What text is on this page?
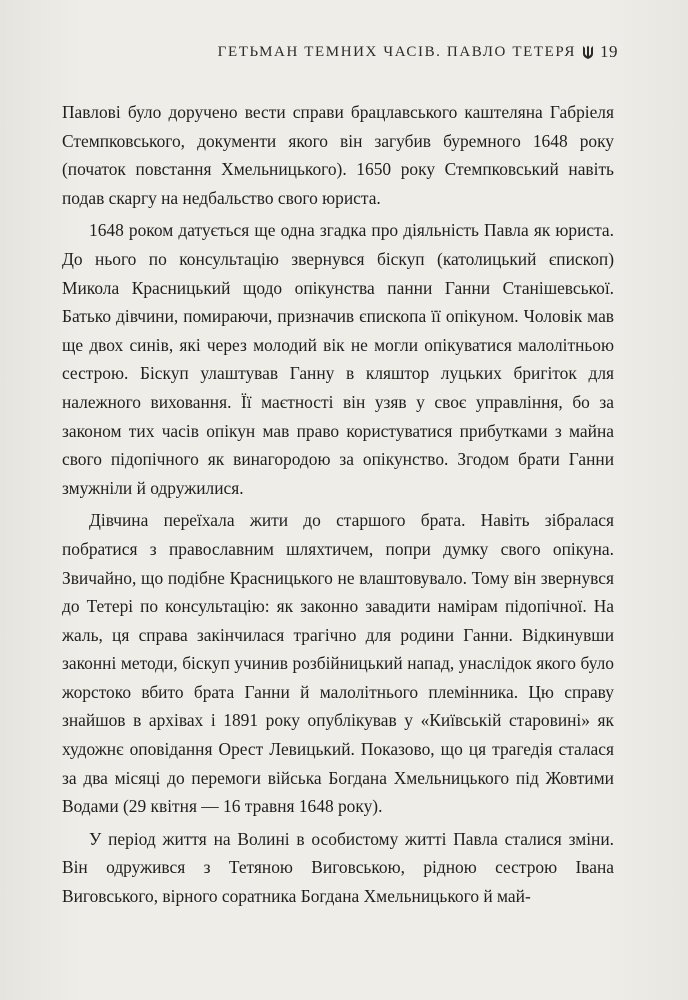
ГЕТЬМАН ТЕМНИХ ЧАСІВ. ПАВЛО ТЕТЕРЯ 19

Павлові було доручено вести справи брацлавського каштеляна Габріеля Стемпковського, документи якого він загубив буремного 1648 року (початок повстання Хмельницького). 1650 року Стемпковський навіть подав скаргу на недбальство свого юриста.

1648 роком датується ще одна згадка про діяльність Павла як юриста. До нього по консультацію звернувся біскуп (католицький єпископ) Микола Красницький щодо опікунства панни Ганни Станішевської. Батько дівчини, помираючи, призначив єпископа її опікуном. Чоловік мав ще двох синів, які через молодий вік не могли опікуватися малолітньою сестрою. Біскуп улаштував Ганну в кляштор луцьких бригіток для належного виховання. Її маєтності він узяв у своє управління, бо за законом тих часів опікун мав право користуватися прибутками з майна свого підопічного як винагородою за опікунство. Згодом брати Ганни змужніли й одружилися.

Дівчина переїхала жити до старшого брата. Навіть зібралася побратися з православним шляхтичем, попри думку свого опікуна. Звичайно, що подібне Красницького не влаштовувало. Тому він звернувся до Тетері по консультацію: як законно завадити намірам підопічної. На жаль, ця справа закінчилася трагічно для родини Ганни. Відкинувши законні методи, біскуп учинив розбійницький напад, унаслідок якого було жорстоко вбито брата Ганни й малолітнього племінника. Цю справу знайшов в архівах і 1891 року опублікував у «Київській старовині» як художнє оповідання Орест Левицький. Показово, що ця трагедія сталася за два місяці до перемоги війська Богдана Хмельницького під Жовтими Водами (29 квітня — 16 травня 1648 року).

У період життя на Волині в особистому житті Павла сталися зміни. Він одружився з Тетяною Виговською, рідною сестрою Івана Виговського, вірного соратника Богдана Хмельницького й май-
